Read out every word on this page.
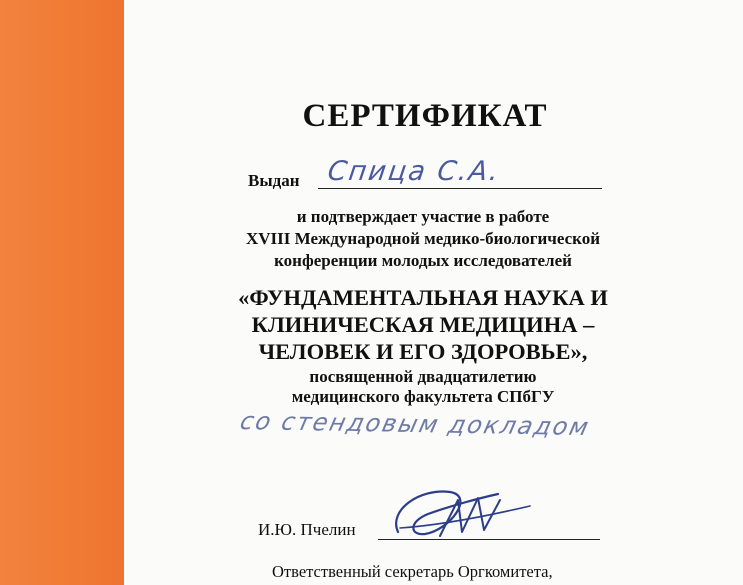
СЕРТИФИКАТ
Выдан Спица С.А.
и подтверждает участие в работе
XVIII Международной медико-биологической
конференции молодых исследователей
«ФУНДАМЕНТАЛЬНАЯ НАУКА И
КЛИНИЧЕСКАЯ МЕДИЦИНА –
ЧЕЛОВЕК И ЕГО ЗДОРОВЬЕ»,
посвященной двадцатилетию
медицинского факультета СПбГУ
со стендовым докладом
И.Ю. Пчелин
Ответственный секретарь Оргкомитета,
